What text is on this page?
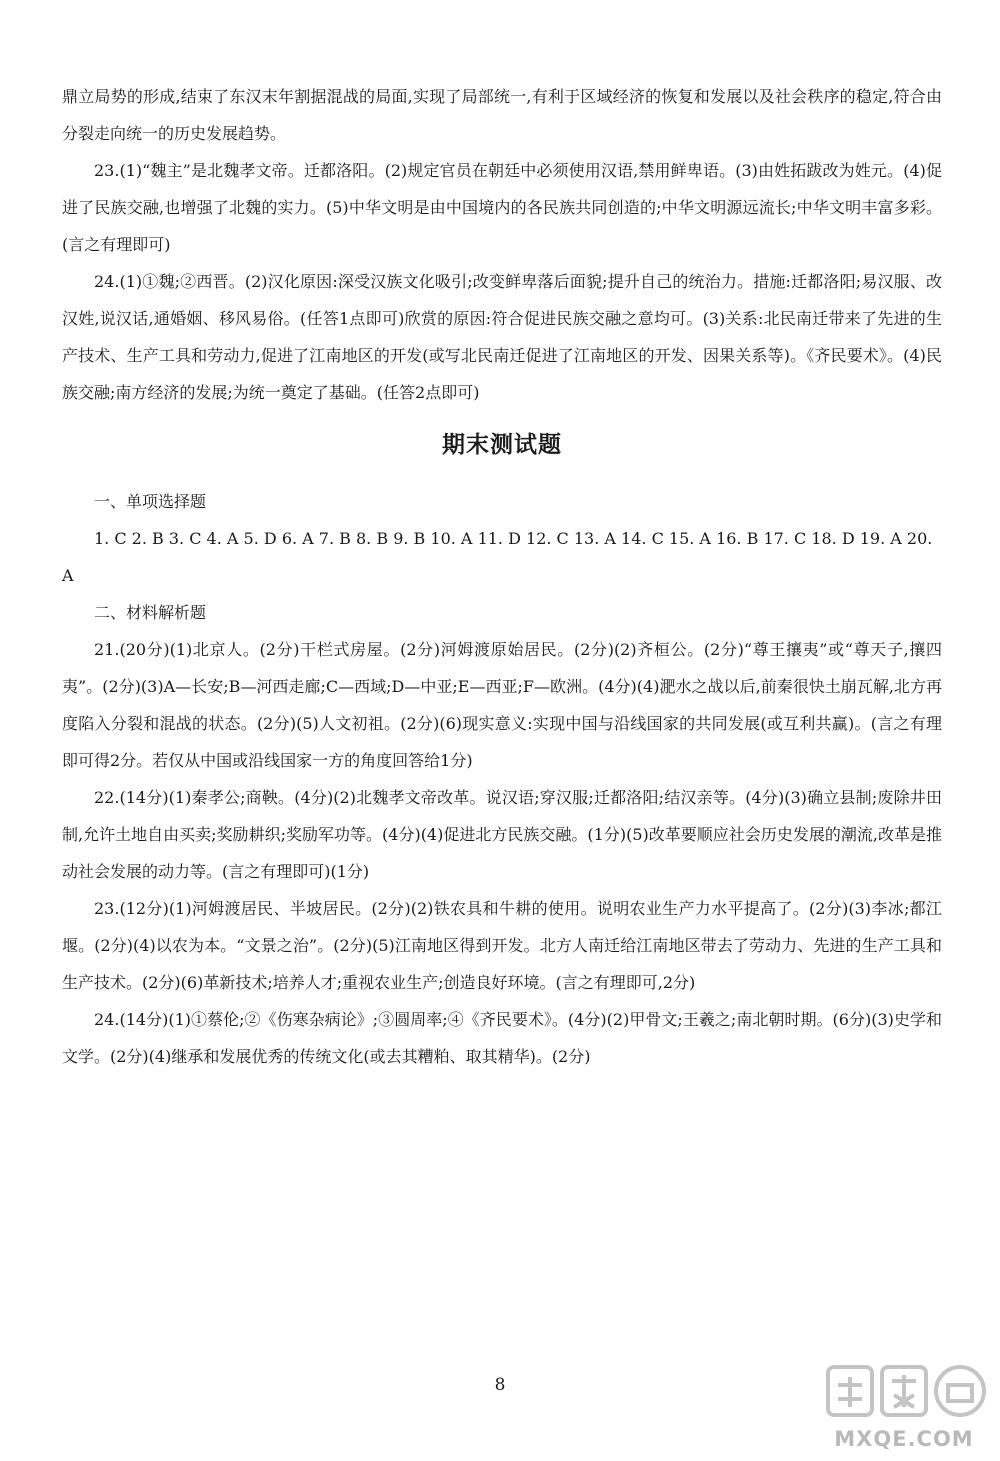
鼎立局势的形成,结束了东汉末年割据混战的局面,实现了局部统一,有利于区域经济的恢复和发展以及社会秩序的稳定,符合由分裂走向统一的历史发展趋势。

23.(1)“魏主”是北魏孝文帝。迁都洛阳。(2)规定官员在朝廷中必须使用汉语,禁用鲜卑语。(3)由姓拓跋改为姓元。(4)促进了民族交融,也增强了北魏的实力。(5)中华文明是由中国境内的各民族共同创造的;中华文明源远流长;中华文明丰富多彩。(言之有理即可)

24.(1)①魏;②西晋。(2)汉化原因:深受汉族文化吸引;改变鲜卑落后面貌;提升自己的统治力。措施:迁都洛阳;易汉服、改汉姓,说汉话,通婚姻、移风易俗。(任答1点即可)欣赏的原因:符合促进民族交融之意均可。(3)关系:北民南迁带来了先进的生产技术、生产工具和劳动力,促进了江南地区的开发(或写北民南迁促进了江南地区的开发、因果关系等)。《齐民要术》。(4)民族交融;南方经济的发展;为统一奠定了基础。(任答2点即可)

期末测试题

一、单项选择题

1. C 2. B 3. C 4. A 5. D 6. A 7. B 8. B 9. B 10. A 11. D 12. C 13. A 14. C 15. A 16. B 17. C 18. D 19. A 20. A

二、材料解析题

21.(20分)(1)北京人。(2分)干栏式房屋。(2分)河姆渡原始居民。(2分)(2)齐桓公。(2分)“尊王攘夷”或“尊天子,攘四夷”。(2分)(3)A—长安;B—河西走廊;C—西域;D—中亚;E—西亚;F—欧洲。(4分)(4)淝水之战以后,前秦很快土崩瓦解,北方再度陷入分裂和混战的状态。(2分)(5)人文初祖。(2分)(6)现实意义:实现中国与沿线国家的共同发展(或互利共赢)。(言之有理即可得2分。若仅从中国或沿线国家一方的角度回答给1分)

22.(14分)(1)秦孝公;商鞅。(4分)(2)北魏孝文帝改革。说汉语;穿汉服;迁都洛阳;结汉亲等。(4分)(3)确立县制;废除井田制,允许土地自由买卖;奖励耕织;奖励军功等。(4分)(4)促进北方民族交融。(1分)(5)改革要顺应社会历史发展的潮流,改革是推动社会发展的动力等。(言之有理即可)(1分)

23.(12分)(1)河姆渡居民、半坡居民。(2分)(2)铁农具和牛耕的使用。说明农业生产力水平提高了。(2分)(3)李冰;都江堰。(2分)(4)以农为本。“文景之治”。(2分)(5)江南地区得到开发。北方人南迁给江南地区带去了劳动力、先进的生产工具和生产技术。(2分)(6)革新技术;培养人才;重视农业生产;创造良好环境。(言之有理即可,2分)

24.(14分)(1)①蔡伦;②《伤寒杂病论》;③圆周率;④《齐民要术》。(4分)(2)甲骨文;王羲之;南北朝时期。(6分)(3)史学和文学。(2分)(4)继承和发展优秀的传统文化(或去其糟粕、取其精华)。(2分)

8
MXQE.COM
